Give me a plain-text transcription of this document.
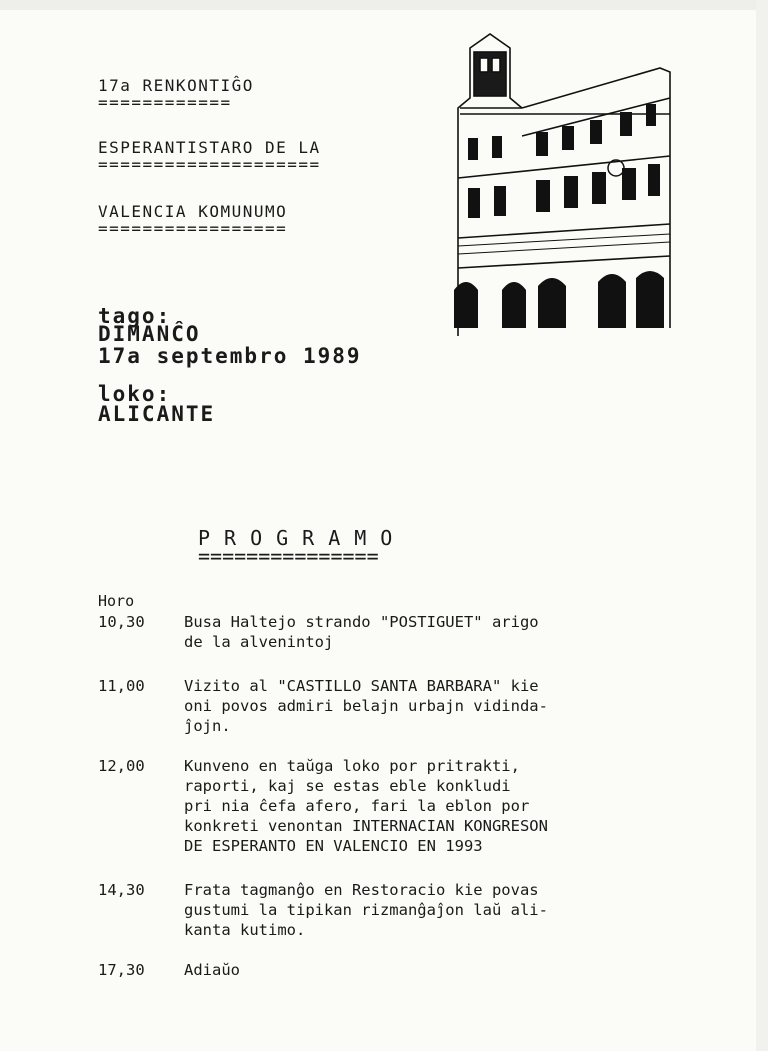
17a RENKONTIĜO
============
ESPERANTISTARO DE LA
====================
VALENCIA KOMUNUMO
=================
tago:
DIMANĈO
17a septembro 1989
loko:
ALICANTE
PROGRAMO
===============
Horo
10,30	Busa Haltejo strando "POSTIGUET" arigo
de la alvenintoj
11,00	Vizito al "CASTILLO SANTA BARBARA" kie
oni povos admiri belajn urbajn vidinda-
ĵojn.
12,00	Kunveno en taŭga loko por pritrakti,
raporti, kaj se estas eble konkludi
pri nia ĉefa afero, fari la eblon por
konkreti venontan INTERNACIAN KONGRESON
DE ESPERANTO EN VALENCIO EN 1993
14,30	Frata tagmanĝo en Restoracio kie povas
gustumi la tipikan rizmanĝaĵon laŭ ali-
kanta kutimo.
17,30	Adiaŭo
